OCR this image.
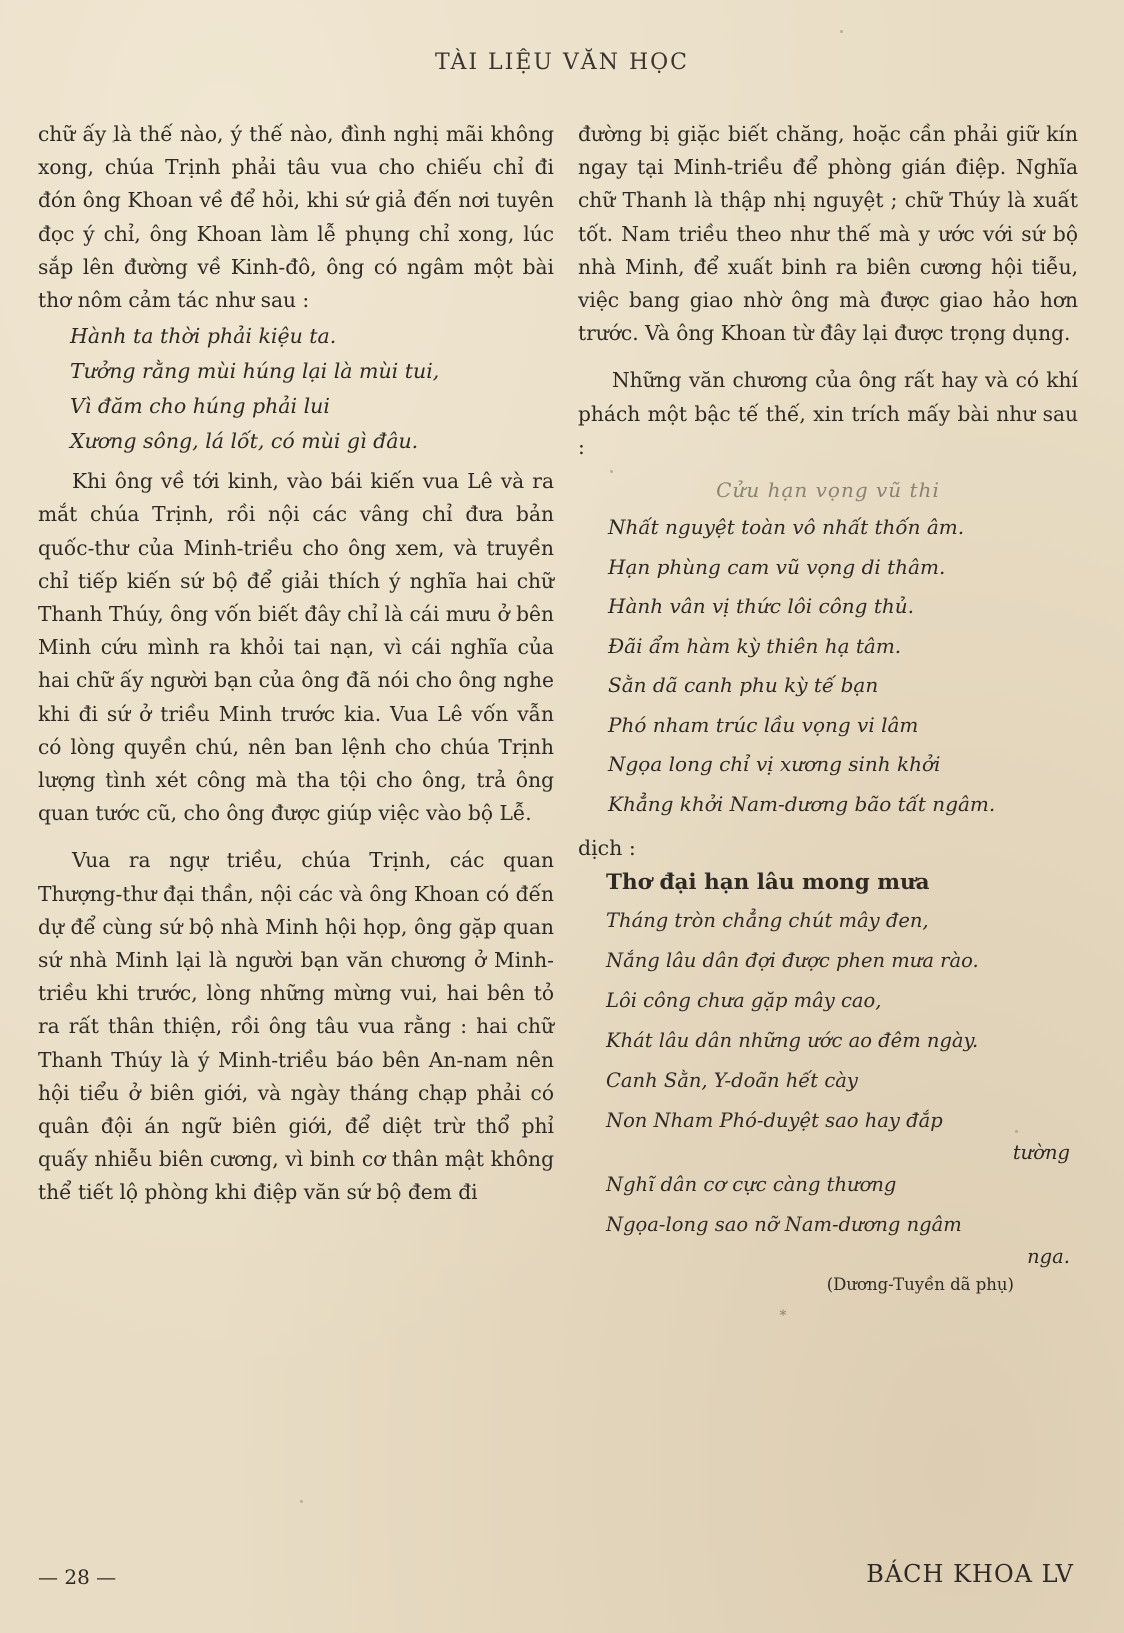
TÀI LIỆU VĂN HỌC

chữ ấy là thế nào, ý thế nào, đình nghị mãi không xong, chúa Trịnh phải tâu vua cho chiếu chỉ đi đón ông Khoan về để hỏi, khi sứ giả đến nơi tuyên đọc ý chỉ, ông Khoan làm lễ phụng chỉ xong, lúc sắp lên đường về Kinh-đô, ông có ngâm một bài thơ nôm cảm tác như sau :

Hành ta thời phải kiệu ta.
Tưởng rằng mùi húng lại là mùi tui,
Vì đăm cho húng phải lui
Xương sông, lá lốt, có mùi gì đâu.

Khi ông về tới kinh, vào bái kiến vua Lê và ra mắt chúa Trịnh, rồi nội các vâng chỉ đưa bản quốc-thư của Minh-triều cho ông xem, và truyền chỉ tiếp kiến sứ bộ để giải thích ý nghĩa hai chữ Thanh Thúy, ông vốn biết đây chỉ là cái mưu ở bên Minh cứu mình ra khỏi tai nạn, vì cái nghĩa của hai chữ ấy người bạn của ông đã nói cho ông nghe khi đi sứ ở triều Minh trước kia. Vua Lê vốn vẫn có lòng quyền chú, nên ban lệnh cho chúa Trịnh lượng tình xét công mà tha tội cho ông, trả ông quan tước cũ, cho ông được giúp việc vào bộ Lễ.

Vua ra ngự triều, chúa Trịnh, các quan Thượng-thư đại thần, nội các và ông Khoan có đến dự để cùng sứ bộ nhà Minh hội họp, ông gặp quan sứ nhà Minh lại là người bạn văn chương ở Minh-triều khi trước, lòng những mừng vui, hai bên tỏ ra rất thân thiện, rồi ông tâu vua rằng : hai chữ Thanh Thúy là ý Minh-triều báo bên An-nam nên hội tiểu ở biên giới, và ngày tháng chạp phải có quân đội án ngữ biên giới, để diệt trừ thổ phỉ quấy nhiễu biên cương, vì binh cơ thân mật không thể tiết lộ phòng khi điệp văn sứ bộ đem đi

đường bị giặc biết chăng, hoặc cần phải giữ kín ngay tại Minh-triều để phòng gián điệp. Nghĩa chữ Thanh là thập nhị nguyệt ; chữ Thúy là xuất tốt. Nam triều theo như thế mà y ước với sứ bộ nhà Minh, để xuất binh ra biên cương hội tiễu, việc bang giao nhờ ông mà được giao hảo hơn trước. Và ông Khoan từ đây lại được trọng dụng.

Những văn chương của ông rất hay và có khí phách một bậc tế thế, xin trích mấy bài như sau :

Cửu hạn vọng vũ thi
Nhất nguyệt toàn vô nhất thốn âm.
Hạn phùng cam vũ vọng di thâm.
Hành vân vị thức lôi công thủ.
Đãi ẩm hàm kỳ thiên hạ tâm.
Sằn dã canh phu kỳ tế bạn
Phó nham trúc lầu vọng vi lâm
Ngọa long chỉ vị xương sinh khởi
Khẳng khởi Nam-dương bão tất ngâm.
dịch :
Thơ đại hạn lâu mong mưa
Tháng tròn chẳng chút mây đen,
Nắng lâu dân đợi được phen mưa rào.
Lôi công chưa gặp mây cao,
Khát lâu dân những ước ao đêm ngày.
Canh Sằn, Y-doãn hết cày
Non Nham Phó-duyệt sao hay đắp
tường
Nghĩ dân cơ cực càng thương
Ngọa-long sao nỡ Nam-dương ngâm
nga.
(Dương-Tuyền dã phụ)
*
— 28 —	BÁCH KHOA LV
